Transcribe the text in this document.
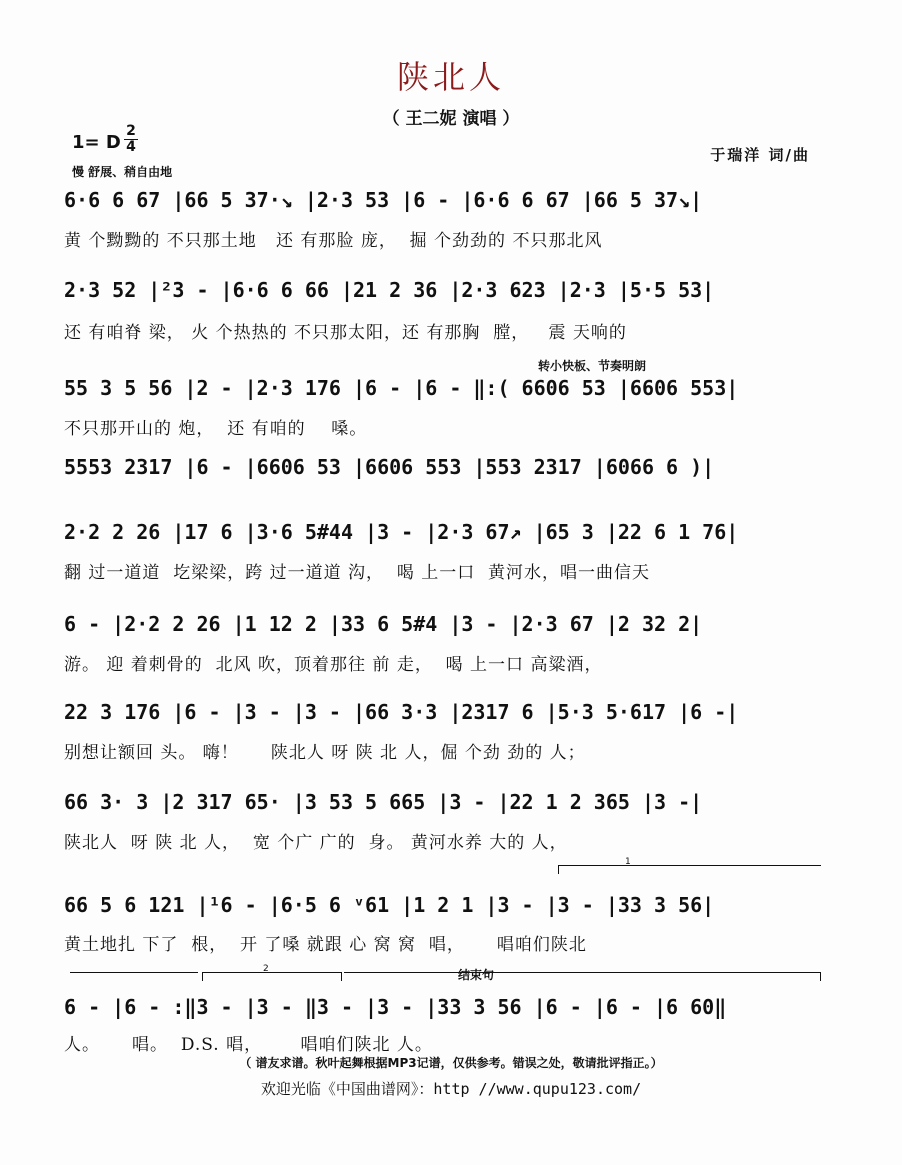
陕北人
（ 王二妮 演唱 ）
1= D
2
4	于瑞洋 词/曲
慢 舒展、稍自由地
转小快板、节奏明朗
结束句
6·6 6 67 |66 5 37·↘ |2·3 53 |6 - |6·6 6 67 |66 5 37↘|
黄 个黝黝的 不只那土地   还 有那脸 庞，  掘 个劲劲的 不只那北风
2·3 52 |²3 - |6·6 6 66 |21 2 36 |2·3 623 |2·3 |5·5 53|
还 有咱脊 梁， 火 个热热的 不只那太阳，还 有那胸  膛，   震 天响的
55 3 5 56 |2 - |2·3 176 |6 - |6 - ‖:( 6606 53 |6606 553|
不只那开山的 炮，  还 有咱的    嗓。
5553 2317 |6 - |6606 53 |6606 553 |553 2317 |6066 6 )|
2·2 2 26 |17 6 |3·6 5#44 |3 - |2·3 67↗ |65 3 |22 6 1 76|
翻 过一道道  圪梁梁，跨 过一道道 沟，  喝 上一口  黄河水，唱一曲信天
6 - |2·2 2 26 |1 12 2 |33 6 5#4 |3 - |2·3 67 |2 32 2|
游。 迎 着刺骨的  北风 吹，顶着那往 前 走，  喝 上一口 高粱酒，
22 3 176 |6 - |3 - |3 - |66 3·3 |2317 6 |5·3 5·617 |6 -|
别想让额回 头。 嗨！     陕北人 呀 陕 北 人，倔 个劲 劲的 人；
66 3· 3 |2 317 65· |3 53 5 665 |3 - |22 1 2 365 |3 -|
陕北人  呀 陕 北 人，  宽 个广 广的  身。 黄河水养 大的 人，
66 5 6 121 |¹6 - |6·5 6 ᵛ61 |1 2 1 |3 - |3 - |33 3 56|
黄土地扎 下了  根，  开 了嗓 就跟 心 窝 窝  唱，     唱咱们陕北
6 - |6 - :‖3 - |3 - ‖3 - |3 - |33 3 56 |6 - |6 - |6 60‖
人。     唱。  D.S. 唱，      唱咱们陕北 人。
1
2
（ 谱友求谱。秋叶起舞根据MP3记谱，仅供参考。错误之处，敬请批评指正。）
欢迎光临《中国曲谱网》：http //www.qupu123.com/
